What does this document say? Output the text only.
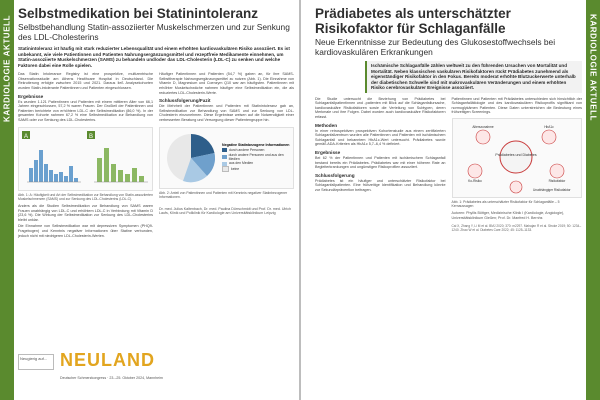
KARDIOLOGIE AKTUELL
Selbstmedikation bei Statinintoleranz
Selbstbehandlung Statin-assoziierter Muskelschmerzen und zur Senkung des LDL-Cholesterins

Statinintoleranz ist häufig mit stark reduzierter Lebensqualität und einem erhöhten kardiovaskulären Risiko assoziiert. Es ist unbekannt, wie viele Patientinnen und Patienten Nahrungsergänzungsmittel und rezeptfreie Medikamente einnehmen, um Statin-assoziierte Muskelschmerzen (SAMS) zu behandeln und/oder das LDL-Cholesterin (LDL-C) zu senken und welche Faktoren dabei eine Rolle spielen.

Das Statin Intolerance Registry ist eine prospektive, multizentrische Observationsstudie am Athens Healthcare Hospital in Deutschland. Die Rekrutierung erfolgte zwischen 2015 und 2021. Daraus ließ Analysekohorten wurden Statin-intolerante Patientinnen und Patienten eingeschlossen.

Ergebnisse

Es wurden 1.121 Patientinnen und Patienten mit einem mittleren Alter von 66,1 Jahren eingeschlossen, 57,2 % waren Frauen. Der Großteil der Patientinnen und Patienten berichtete von erhöhtem LDL-C der Selbstmedikation (86,0 %). In der gesamten Kohorte nahmen 67,2 % eine Selbstmedikation zur Behandlung von SAMS oder zur Senkung des LDL-Cholesterins.

Häufiger Patientinnen und Patienten (54,7 %) gaben an, für ihre SAMS-Selbsttherapie Nahrungsergänzungsmittel zu nutzen (Abb. 1). Die Einnahme von Vitamin D, Magnesium und Coenzym Q10 war am häufigsten. Patientinnen mit erhöhter Muskelschwäche nahmen häufiger eine Selbstmedikation ein, die als reduziertes LDL-Cholesterin-Werte.

Schlussfolgerung/Fazit

Die Mehrheit der Patientinnen und Patienten mit Statinintoleranz gab an, Selbstmedikation zur Behandlung von SAMS und zur Senkung von LDL-Cholesterin einzunehmen. Diese Ergebnisse weisen auf die Notwendigkeit einer verbesserten Beratung und Versorgung dieser Patientengruppe hin.

A	B

Abb. 1: A: Häufigkeit und Art der Selbstmedikation zur Behandlung von Statin-assoziierten Muskelschmerzen (SAMS) und zur Senkung des LDL-Cholesterins (LDL-C).

Negative Statinbezogene Informationen
durch andere Personen
durch andere Personen und aus den Medien
aus den Medien
keine

Abb. 2: Anteil von Patientinnen und Patienten mit Kenntnis negativer Statinbezogener Informationen.

Anders als die Studien Selbstmedikation zur Behandlung von SAMS waren Frauen unabhängig von LDL-C und erhöhtem LDL-C in Verbindung mit Vitamin D (23,6 %). Die Wirkung der Selbstmedikation zur Senkung des LDL-Cholesterins bleibt unklar.

Die Einnahme von Selbstmedikation war mit depressiven Symptomen (PHQ9-Fragebogen) und Kenntnis negativer Informationen über Statine verbunden, jedoch nicht mit niedrigeren LDL-Cholesterin-Werten.

Dr. med. Julius Kaltenbach, Dr. med. Paulina Dürrschmidt und Prof. Dr. med. Ulrich Laufs, Klinik und Poliklinik für Kardiologie am Universitätsklinikum Leipzig

Neugierig auf... NEULAND
Deutscher Schmerzkongress · 23.–25. Oktober 2024, Mannheim
KARDIOLOGIE AKTUELL
Prädiabetes als unterschätzter Risikofaktor für Schlaganfälle
Neue Erkenntnisse zur Bedeutung des Glukosestoffwechsels bei kardiovaskulären Erkrankungen

Ischämische Schlaganfälle zählen weltweit zu den führenden Ursachen von Mortalität und Mortalität. Neben klassischen vaskulären Risikofaktoren rückt Prädiabetes zunehmend als eigenständiger Risikofaktor in den Fokus. Bereits moderat erhöhte Blutzuckerwerte unterhalb der diabetischen Schwelle sind mit makrovaskulären Veränderungen und einem erhöhten Risiko cerebrovaskulärer Ereignisse assoziiert.

Die Studie untersucht die Beziehung von Prädiabetes bei Schlaganfallpatientinnen und -patienten mit Blick auf die Schlaganfallursache, kardiovaskuläre Risikofaktoren sowie die Verteilung von Subtypen, deren Merkmale und ihre Folgen. Dabei wurden auch kardiovaskuläre Risikofaktoren erfasst.

Methoden

In einer retrospektiven prospektiven Kohortenstudie aus einem zertifizierten Schlaganfallzentrum wurden alle Patientinnen und Patienten mit ischämischem Schlaganfall und bekanntem HbA1c-Wert untersucht. Prädiabetes wurde gemäß ADA-Kriterien als HbA1c 5,7–6,4 % definiert.

Ergebnisse

Bei 62 % der Patientinnen und Patienten mit ischämischem Schlaganfall bestand bereits ein Prädiabetes. Prädiabetes war mit einer höheren Rate an Begleiterkrankungen und ungünstigen Risikoprofilen assoziiert.

Schlussfolgerung

Prädiabetes ist ein häufiger und unterschätzter Risikofaktor bei Schlaganfallpatienten. Eine frühzeitige Identifikation und Behandlung könnte zur Sekundärprävention beitragen.

Patientinnen und Patienten mit Prädiabetes unterschieden sich hinsichtlich der Schlaganfallätiologie und des kardiovaskulären Risikoprofils signifikant von normoglykämen Patienten. Diese Daten unterstreichen die Bedeutung eines frühzeitigen Screenings.

Prädiabetes und Diabetes
Alterszunahme	HbA1c
Ko-Risiko	Risikofaktor
Unabhängiger Risikofaktor

Abb. 1: Prädiabetes als unterschätzter Risikofaktor für Schlaganfälle – 5 Kernaussagen

Autoren: Phyllis Böttger, Medizinische Klinik I (Kardiologie, Angiologie), Universitätsklinikum Gießen; Prof. Dr. Manfred H. Bernhs

Cai X, Zhang Y, Li M et al. BMJ 2020; 370: m2297. Mahajan R et al. Stroke 2019; 50: 1234–1240. Zhao W et al. Diabetes Care 2022; 45: 1125–1133.
